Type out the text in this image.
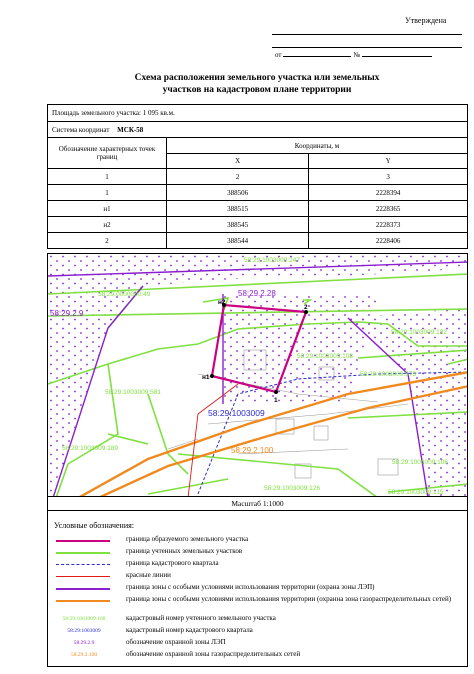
Утверждена
от	№
Схема расположения земельного участка или земельных
участков на кадастровом плане территории
Площадь земельного участка: 1 095 кв.м.		
Система координат МСК-58		
Обозначение характерных точек границ	Координаты, м	
	X	Y
1	2	3
1	388506	2228394
н1	388515	2228365
н2	388545	2228373
2	388544	2228406
58:29:1003009:247
58:29:0000000:49
58:29.2.9
58:29.2.28
58:29:1003009:108
58:29:1003009:182
58:29:1003009:573
58:29:1003009:581
58:29:1003009
58:29:1003009:189	58:29.2.100
58:29:1003009:106
58:29:1003009:126
58:29:1003009:115
н1
н2
1
2
Масштаб 1:1000
Условные обозначения:
граница образуемого земельного участка
граница учтенных земельных участков
граница кадастрового квартала
красные линии
граница зоны с особыми условиями использования территории (охрана зоны ЛЭП)
граница зоны с особыми условиями использования территории (охранна зона газораспределительных сетей)
58:29:1003009:108	кадастровый номер учтенного земельного участка
58:29:1003009	кадастровый номер кадастрового квартала
58.29.2.9	обозначение охранной зоны ЛЭП
58.29.2.100	обозначение охранной зоны газораспределительных сетей
